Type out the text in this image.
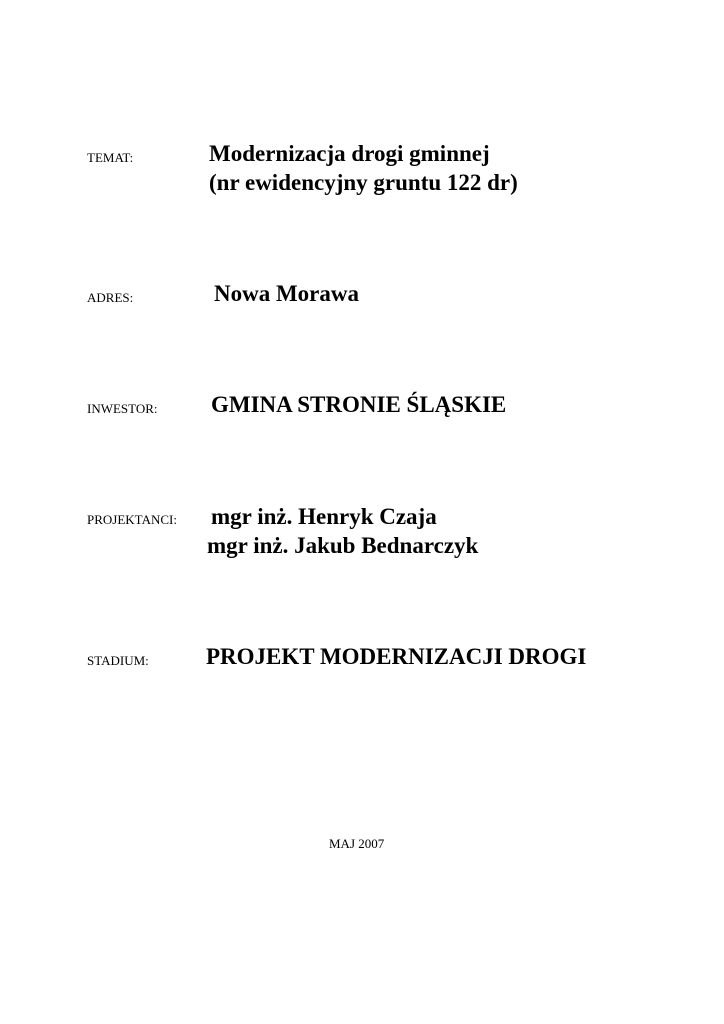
TEMAT:	Modernizacja drogi gminnej
(nr ewidencyjny gruntu 122 dr)
ADRES:	Nowa Morawa
INWESTOR: GMINA STRONIE ŚLĄSKIE
PROJEKTANCI: mgr inż. Henryk Czaja
mgr inż. Jakub Bednarczyk
STADIUM: PROJEKT MODERNIZACJI DROGI
MAJ 2007
